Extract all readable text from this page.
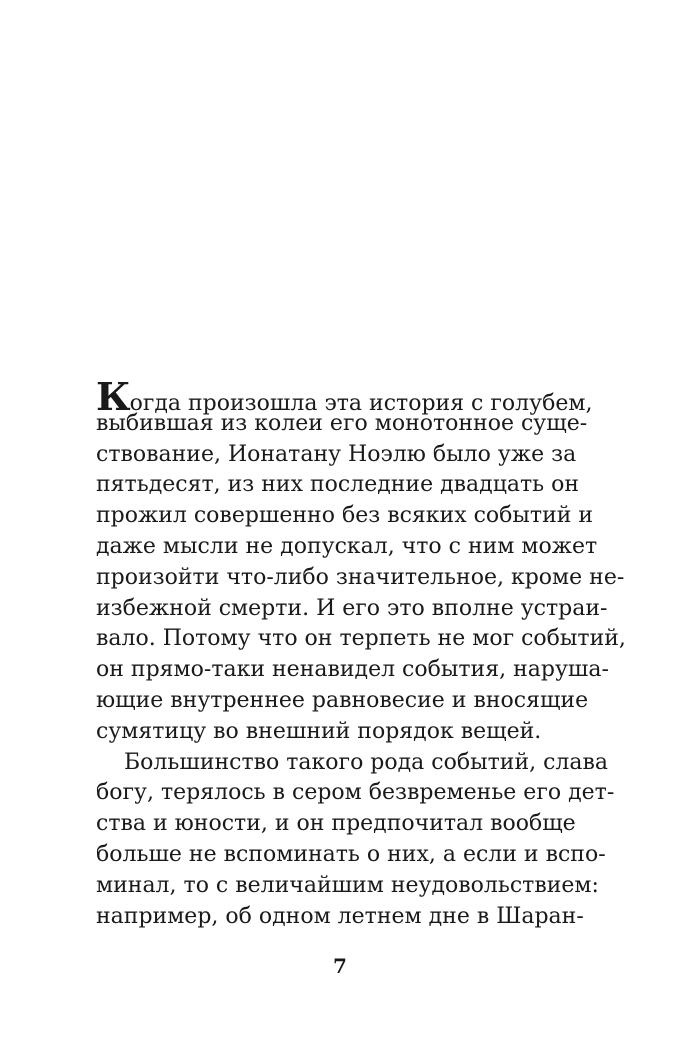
Когда произошла эта история с голубем,
выбившая из колеи его монотонное суще-
ствование, Ионатану Ноэлю было уже за
пятьдесят, из них последние двадцать он
прожил совершенно без всяких событий и
даже мысли не допускал, что с ним может
произойти что-либо значительное, кроме не-
избежной смерти. И его это вполне устраи-
вало. Потому что он терпеть не мог событий,
он прямо-таки ненавидел события, наруша-
ющие внутреннее равновесие и вносящие
сумятицу во внешний порядок вещей.
Большинство такого рода событий, слава
богу, терялось в сером безвременье его дет-
ства и юности, и он предпочитал вообще
больше не вспоминать о них, а если и вспо-
минал, то с величайшим неудовольствием:
например, об одном летнем дне в Шаран-
7
